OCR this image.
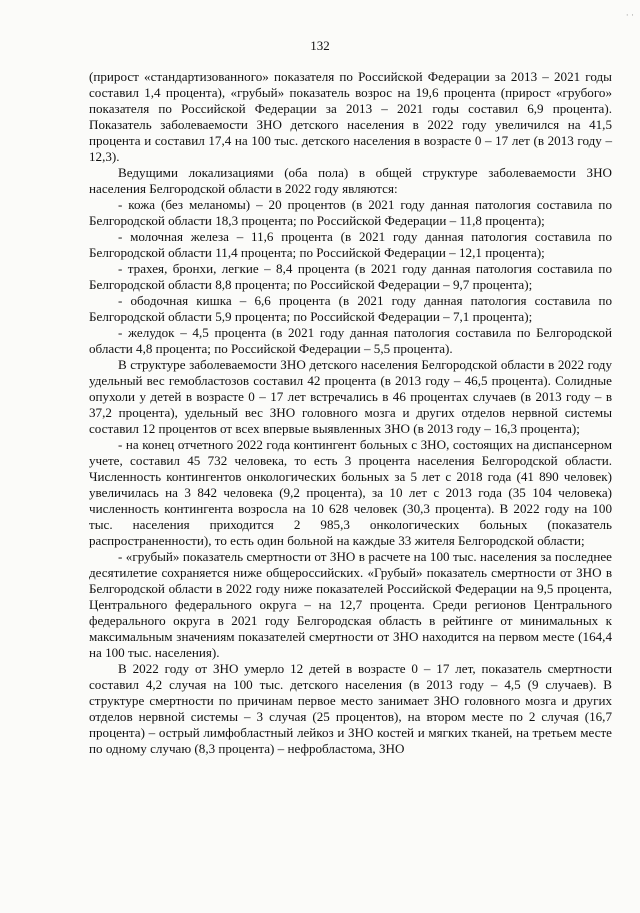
· ·
132

(прирост «стандартизованного» показателя по Российской Федерации за 2013 – 2021 годы составил 1,4 процента), «грубый» показатель возрос на 19,6 процента (прирост «грубого» показателя по Российской Федерации за 2013 – 2021 годы составил 6,9 процента). Показатель заболеваемости ЗНО детского населения в 2022 году увеличился на 41,5 процента и составил 17,4 на 100 тыс. детского населения в возрасте 0 – 17 лет (в 2013 году – 12,3).

Ведущими локализациями (оба пола) в общей структуре заболеваемости ЗНО населения Белгородской области в 2022 году являются:

- кожа (без меланомы) – 20 процентов (в 2021 году данная патология составила по Белгородской области 18,3 процента; по Российской Федерации – 11,8 процента);

- молочная железа – 11,6 процента (в 2021 году данная патология составила по Белгородской области 11,4 процента; по Российской Федерации – 12,1 процента);

- трахея, бронхи, легкие – 8,4 процента (в 2021 году данная патология составила по Белгородской области 8,8 процента; по Российской Федерации – 9,7 процента);

- ободочная кишка – 6,6 процента (в 2021 году данная патология составила по Белгородской области 5,9 процента; по Российской Федерации – 7,1 процента);

- желудок – 4,5 процента (в 2021 году данная патология составила по Белгородской области 4,8 процента; по Российской Федерации – 5,5 процента).

В структуре заболеваемости ЗНО детского населения Белгородской области в 2022 году удельный вес гемобластозов составил 42 процента (в 2013 году – 46,5 процента). Солидные опухоли у детей в возрасте 0 – 17 лет встречались в 46 процентах случаев (в 2013 году – в 37,2 процента), удельный вес ЗНО головного мозга и других отделов нервной системы составил 12 процентов от всех впервые выявленных ЗНО (в 2013 году – 16,3 процента);

- на конец отчетного 2022 года контингент больных с ЗНО, состоящих на диспансерном учете, составил 45 732 человека, то есть 3 процента населения Белгородской области. Численность контингентов онкологических больных за 5 лет с 2018 года (41 890 человек) увеличилась на 3 842 человека (9,2 процента), за 10 лет с 2013 года (35 104 человека) численность контингента возросла на 10 628 человек (30,3 процента). В 2022 году на 100 тыс. населения приходится 2 985,3 онкологических больных (показатель распространенности), то есть один больной на каждые 33 жителя Белгородской области;

- «грубый» показатель смертности от ЗНО в расчете на 100 тыс. населения за последнее десятилетие сохраняется ниже общероссийских. «Грубый» показатель смертности от ЗНО в Белгородской области в 2022 году ниже показателей Российской Федерации на 9,5 процента, Центрального федерального округа – на 12,7 процента. Среди регионов Центрального федерального округа в 2021 году Белгородская область в рейтинге от минимальных к максимальным значениям показателей смертности от ЗНО находится на первом месте (164,4 на 100 тыс. населения).

В 2022 году от ЗНО умерло 12 детей в возрасте 0 – 17 лет, показатель смертности составил 4,2 случая на 100 тыс. детского населения (в 2013 году – 4,5 (9 случаев). В структуре смертности по причинам первое место занимает ЗНО головного мозга и других отделов нервной системы – 3 случая (25 процентов), на втором месте по 2 случая (16,7 процента) – острый лимфобластный лейкоз и ЗНО костей и мягких тканей, на третьем месте по одному случаю (8,3 процента) – нефробластома, ЗНО
